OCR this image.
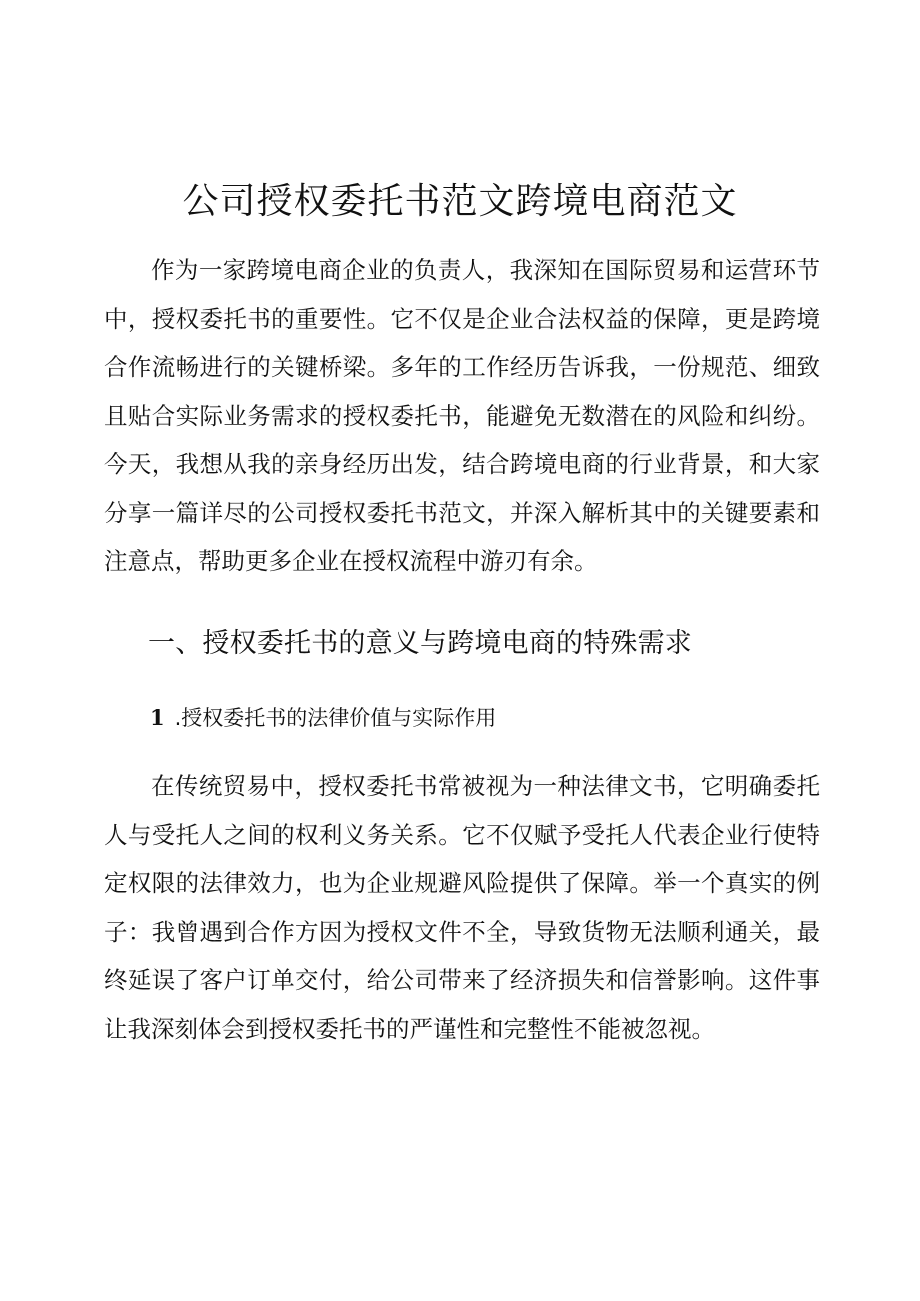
公司授权委托书范文跨境电商范文

作为一家跨境电商企业的负责人，我深知在国际贸易和运营环节中，授权委托书的重要性。它不仅是企业合法权益的保障，更是跨境合作流畅进行的关键桥梁。多年的工作经历告诉我，一份规范、细致且贴合实际业务需求的授权委托书，能避免无数潜在的风险和纠纷。今天，我想从我的亲身经历出发，结合跨境电商的行业背景，和大家分享一篇详尽的公司授权委托书范文，并深入解析其中的关键要素和注意点，帮助更多企业在授权流程中游刃有余。

一、授权委托书的意义与跨境电商的特殊需求
1 .授权委托书的法律价值与实际作用

在传统贸易中，授权委托书常被视为一种法律文书，它明确委托人与受托人之间的权利义务关系。它不仅赋予受托人代表企业行使特定权限的法律效力，也为企业规避风险提供了保障。举一个真实的例子：我曾遇到合作方因为授权文件不全，导致货物无法顺利通关，最终延误了客户订单交付，给公司带来了经济损失和信誉影响。这件事让我深刻体会到授权委托书的严谨性和完整性不能被忽视。
